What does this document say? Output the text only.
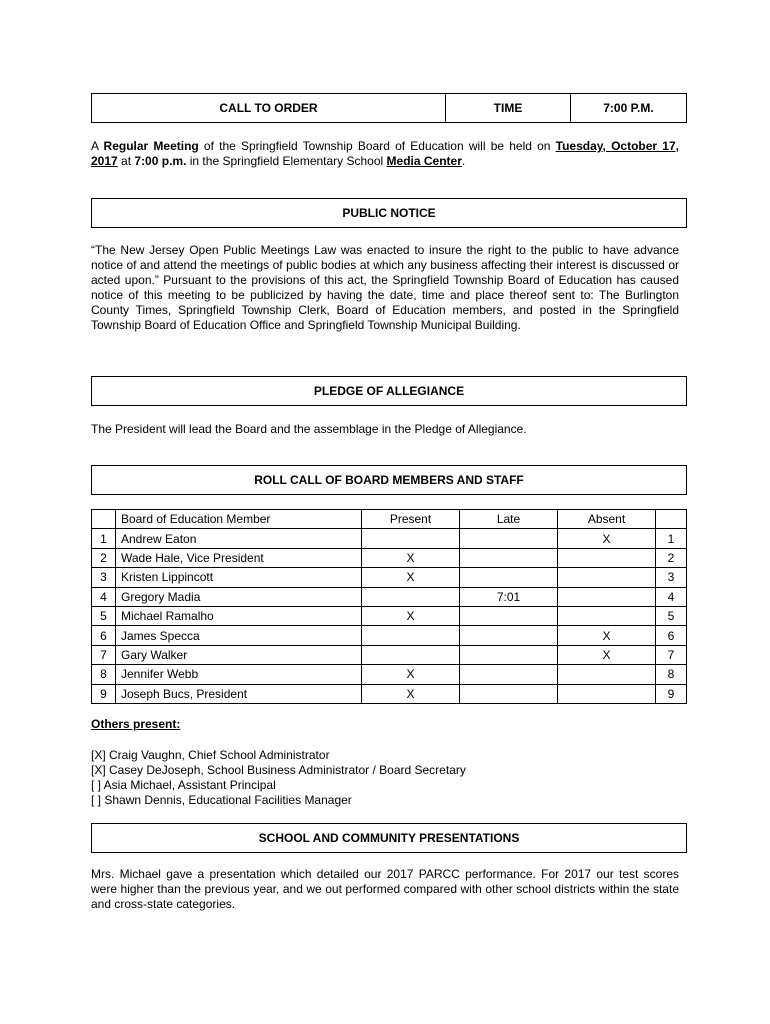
CALL TO ORDER	TIME	7:00 P.M.
A Regular Meeting of the Springfield Township Board of Education will be held on Tuesday, October 17, 2017 at 7:00 p.m. in the Springfield Elementary School Media Center.
PUBLIC NOTICE
“The New Jersey Open Public Meetings Law was enacted to insure the right to the public to have advance notice of and attend the meetings of public bodies at which any business affecting their interest is discussed or acted upon.” Pursuant to the provisions of this act, the Springfield Township Board of Education has caused notice of this meeting to be publicized by having the date, time and place thereof sent to: The Burlington County Times, Springfield Township Clerk, Board of Education members, and posted in the Springfield Township Board of Education Office and Springfield Township Municipal Building.
PLEDGE OF ALLEGIANCE
The President will lead the Board and the assemblage in the Pledge of Allegiance.
ROLL CALL OF BOARD MEMBERS AND STAFF
	Board of Education Member	Present	Late	Absent	
1	Andrew Eaton			X	1
2	Wade Hale, Vice President	X			2
3	Kristen Lippincott	X			3
4	Gregory Madia		7:01		4
5	Michael Ramalho	X			5
6	James Specca			X	6
7	Gary Walker			X	7
8	Jennifer Webb	X			8
9	Joseph Bucs, President	X			9
Others present:
[X] Craig Vaughn, Chief School Administrator
[X] Casey DeJoseph, School Business Administrator / Board Secretary
[ ] Asia Michael, Assistant Principal
[ ] Shawn Dennis, Educational Facilities Manager
SCHOOL AND COMMUNITY PRESENTATIONS
Mrs. Michael gave a presentation which detailed our 2017 PARCC performance. For 2017 our test scores were higher than the previous year, and we out performed compared with other school districts within the state and cross-state categories.
